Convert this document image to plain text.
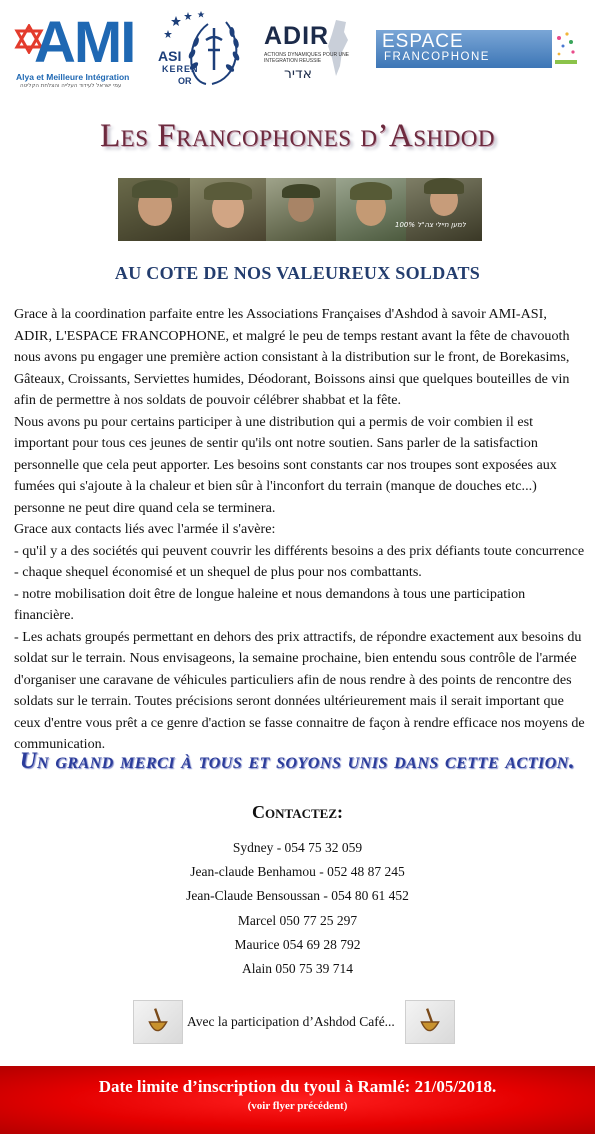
AMI
Alya et Meilleure Intégration
עמי ישראל לעידוד העלייה והצלחת הקליטה
ASI
KEREN
OR
ADIR
ACTIONS DYNAMIQUES POUR UNE INTEGRATION REUSSIE
אדיר
ESPACE
FRANCOPHONE
Les Francophones d’Ashdod
100% למען חיילי צה"ל
AU COTE DE NOS VALEUREUX SOLDATS

Grace à la coordination parfaite entre les Associations Françaises d'Ashdod à savoir AMI-ASI, ADIR, L'ESPACE FRANCOPHONE, et malgré le peu de temps restant avant la fête de chavouoth nous avons pu engager une première action consistant à la distribution sur le front, de Borekasims, Gâteaux, Croissants, Serviettes humides, Déodorant, Boissons ainsi que quelques bouteilles de vin afin de permettre à nos soldats de pouvoir célébrer shabbat et la fête.

Nous avons pu pour certains participer à une distribution qui a permis de voir combien il est important pour tous ces jeunes de sentir qu'ils ont notre soutien. Sans parler de la satisfaction personnelle que cela peut apporter. Les besoins sont constants car nos troupes sont exposées aux fumées qui s'ajoute à la chaleur et bien sûr à l'inconfort du terrain (manque de douches etc...) personne ne peut dire quand cela se terminera.

Grace aux contacts liés avec l'armée il s'avère:

- qu'il y a des sociétés qui peuvent couvrir les différents besoins a des prix défiants toute concurrence

- chaque shequel économisé et un shequel de plus pour nos combattants.

- notre mobilisation doit être de longue haleine et nous demandons à tous une participation financière.

- Les achats groupés permettant en dehors des prix attractifs, de répondre exactement aux besoins du soldat sur le terrain. Nous envisageons, la semaine prochaine, bien entendu sous contrôle de l'armée d'organiser une caravane de véhicules particuliers afin de nous rendre à des points de rencontre des soldats sur le terrain. Toutes précisions seront données ultérieurement mais il serait important que ceux d'entre vous prêt a ce genre d'action se fasse connaitre de façon à rendre efficace nos moyens de communication.

Un grand merci à tous et soyons unis dans cette action.
Contactez:
Sydney - 054 75 32 059
Jean-claude Benhamou - 052 48 87 245
Jean-Claude Bensoussan - 054 80 61 452
Marcel 050 77 25 297
Maurice 054 69 28 792
Alain 050 75 39 714
Avec la participation d’Ashdod Café...
Date limite d’inscription du tyoul à Ramlé: 21/05/2018.
(voir flyer précédent)
